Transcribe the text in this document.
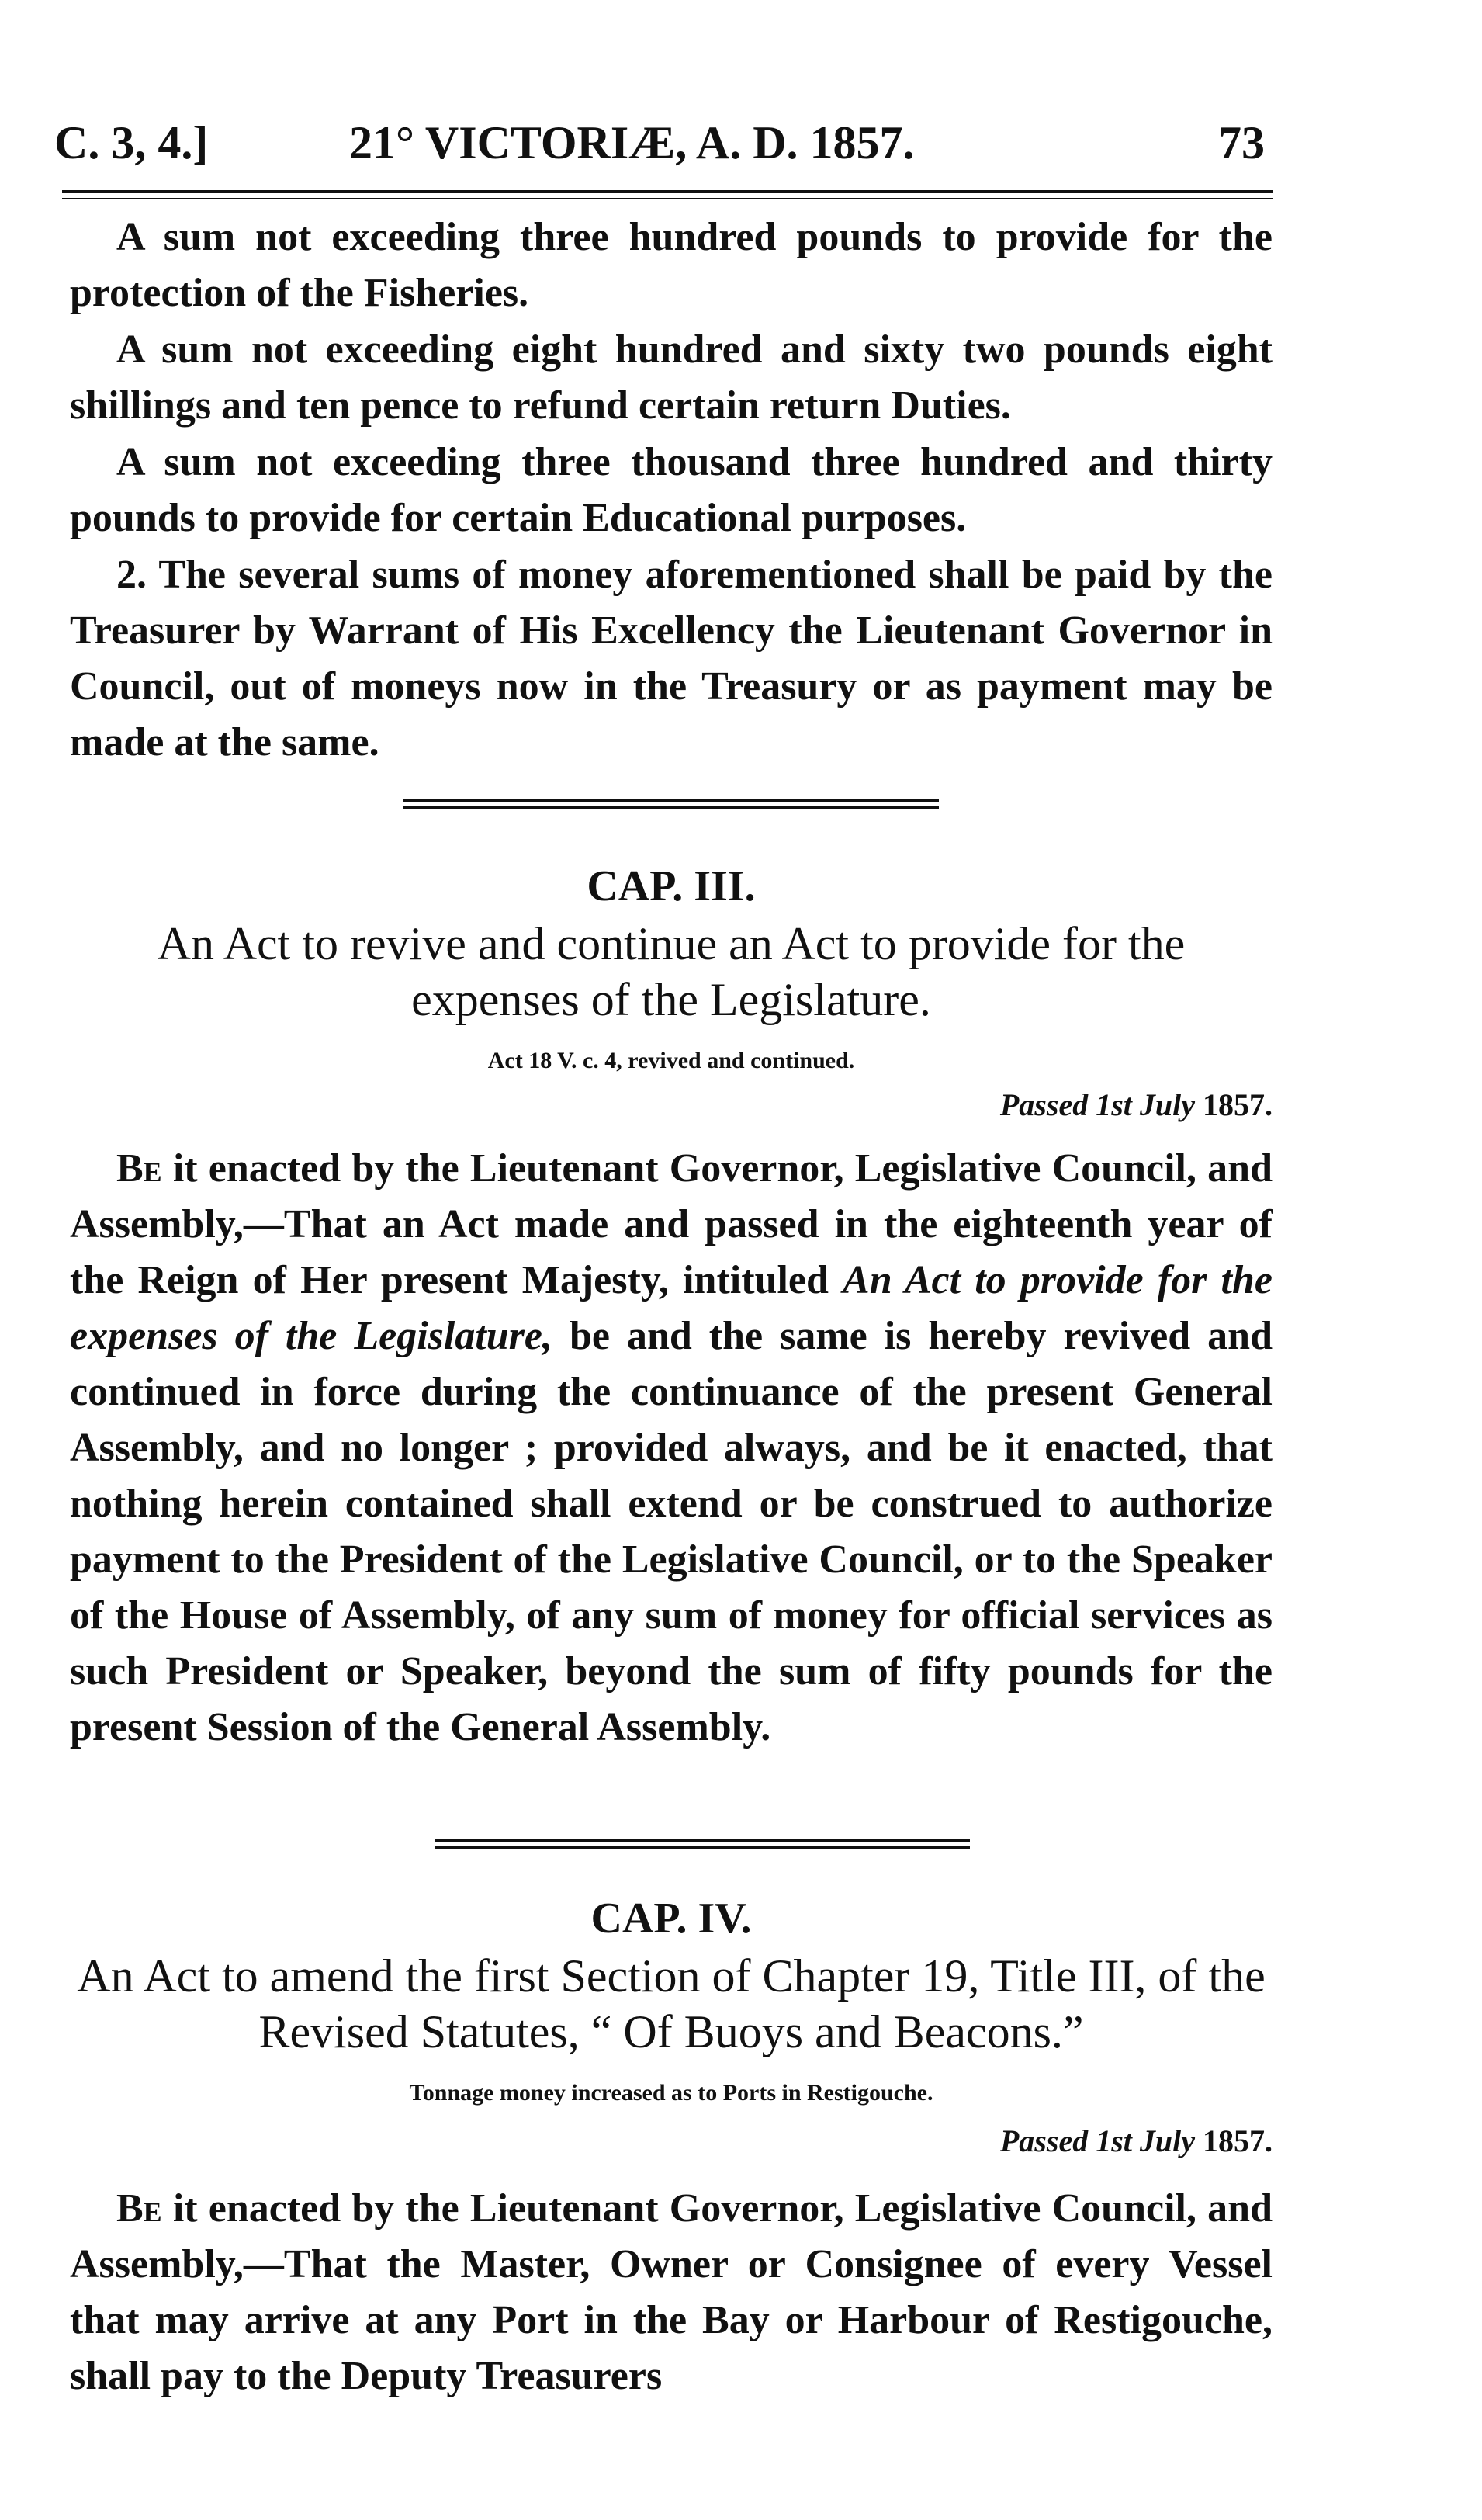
C. 3, 4.]	21° VICTORIÆ, A. D. 1857.	73
A sum not exceeding three hundred pounds to provide for the protection of the Fisheries.
A sum not exceeding eight hundred and sixty two pounds eight shillings and ten pence to refund certain return Duties.
A sum not exceeding three thousand three hundred and thirty pounds to provide for certain Educational purposes.
2. The several sums of money aforementioned shall be paid by the Treasurer by Warrant of His Excellency the Lieutenant Governor in Council, out of moneys now in the Treasury or as payment may be made at the same.
CAP. III.
An Act to revive and continue an Act to provide for the expenses of the Legislature.
Act 18 V. c. 4, revived and continued.
Passed 1st July 1857.
Be it enacted by the Lieutenant Governor, Legislative Council, and Assembly,—That an Act made and passed in the eighteenth year of the Reign of Her present Majesty, intituled An Act to provide for the expenses of the Legislature, be and the same is hereby revived and continued in force during the continuance of the present General Assembly, and no longer ; provided always, and be it enacted, that nothing herein contained shall extend or be construed to authorize payment to the President of the Legislative Council, or to the Speaker of the House of Assembly, of any sum of money for official services as such President or Speaker, beyond the sum of fifty pounds for the present Session of the General Assembly.
CAP. IV.
An Act to amend the first Section of Chapter 19, Title III, of the Revised Statutes, “ Of Buoys and Beacons.”
Tonnage money increased as to Ports in Restigouche.
Passed 1st July 1857.
Be it enacted by the Lieutenant Governor, Legislative Council, and Assembly,—That the Master, Owner or Consignee of every Vessel that may arrive at any Port in the Bay or Harbour of Restigouche, shall pay to the Deputy Treasurers
